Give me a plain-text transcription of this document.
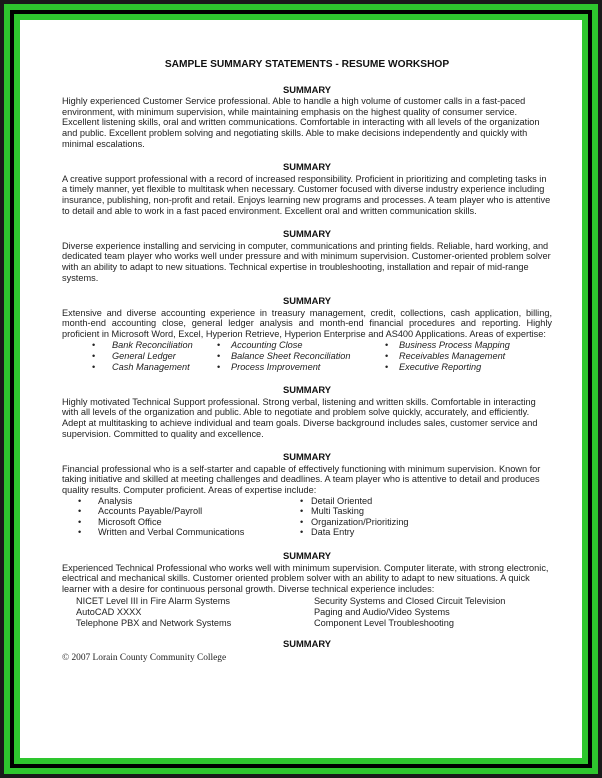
SAMPLE SUMMARY STATEMENTS - RESUME WORKSHOP
SUMMARY
Highly experienced Customer Service professional. Able to handle a high volume of customer calls in a fast-paced environment, with minimum supervision, while maintaining emphasis on the highest quality of consumer service. Excellent listening skills, oral and written communications. Comfortable in interacting with all levels of the organization and public. Excellent problem solving and negotiating skills. Able to make decisions independently and quickly with minimal escalations.
SUMMARY
A creative support professional with a record of increased responsibility. Proficient in prioritizing and completing tasks in a timely manner, yet flexible to multitask when necessary. Customer focused with diverse industry experience including insurance, publishing, non-profit and retail. Enjoys learning new programs and processes. A team player who is attentive to detail and able to work in a fast paced environment. Excellent oral and written communication skills.
SUMMARY
Diverse experience installing and servicing in computer, communications and printing fields. Reliable, hard working, and dedicated team player who works well under pressure and with minimum supervision. Customer-oriented problem solver with an ability to adapt to new situations. Technical expertise in troubleshooting, installation and repair of mid-range systems.
SUMMARY
Extensive and diverse accounting experience in treasury management, credit, collections, cash application, billing, month-end accounting close, general ledger analysis and month-end financial procedures and reporting. Highly proficient in Microsoft Word, Excel, Hyperion Retrieve, Hyperion Enterprise and AS400 Applications. Areas of expertise:
•	Bank Reconciliation
•	General Ledger
•	Cash Management
•	Accounting Close
•	Balance Sheet Reconciliation
•	Process Improvement
•	Business Process Mapping
•	Receivables Management
•	Executive Reporting
SUMMARY
Highly motivated Technical Support professional. Strong verbal, listening and written skills. Comfortable in interacting with all levels of the organization and public. Able to negotiate and problem solve quickly, accurately, and efficiently. Adept at multitasking to achieve individual and team goals. Diverse background includes sales, customer service and supervision. Committed to quality and excellence.
SUMMARY
Financial professional who is a self-starter and capable of effectively functioning with minimum supervision. Known for taking initiative and skilled at meeting challenges and deadlines. A team player who is attentive to detail and produces quality results. Computer proficient. Areas of expertise include:
•	Analysis
•	Accounts Payable/Payroll
•	Microsoft Office
•	Written and Verbal Communications
• Detail Oriented
• Multi Tasking
• Organization/Prioritizing
• Data Entry
SUMMARY
Experienced Technical Professional who works well with minimum supervision. Computer literate, with strong electronic, electrical and mechanical skills. Customer oriented problem solver with an ability to adapt to new situations. A quick learner with a desire for continuous personal growth. Diverse technical experience includes:
NICET Level III in Fire Alarm Systems
AutoCAD XXXX
Telephone PBX and Network Systems
Security Systems and Closed Circuit Television
Paging and Audio/Video Systems
Component Level Troubleshooting
SUMMARY
© 2007 Lorain County Community College
